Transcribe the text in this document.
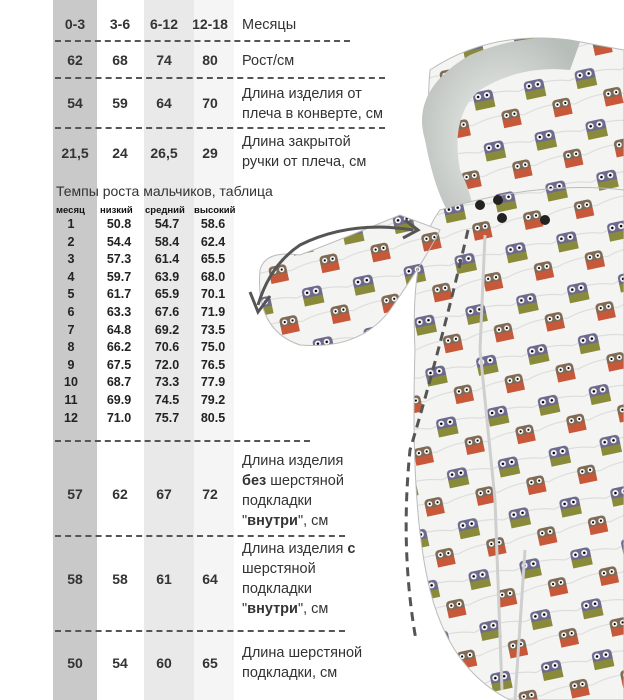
0-3	3-6	6-12	12-18 Месяцы
62	68	74	80	Рост/см
54	59	64	70
Длина изделия от
плеча в конверте, см
21,5	24	26,5	29
Длина закрытой
ручки от плеча, см
Темпы роста мальчиков, таблица
месяц низкий средний высокий
1	50.8	54.7	58.6
2	54.4	58.4	62.4
3	57.3	61.4	65.5
4	59.7	63.9	68.0
5	61.7	65.9	70.1
6	63.3	67.6	71.9
7	64.8	69.2	73.5
8	66.2	70.6	75.0
9	67.5	72.0	76.5
10	68.7	73.3	77.9
11	69.9	74.5	79.2
12	71.0	75.7	80.5
57	62	67	72
Длина изделия
без шерстяной
подкладки
"внутри", см
58	58	61	64
Длина изделия с
шерстяной
подкладки
"внутри", см
50	54	60	65
Длина шерстяной
подкладки, см
